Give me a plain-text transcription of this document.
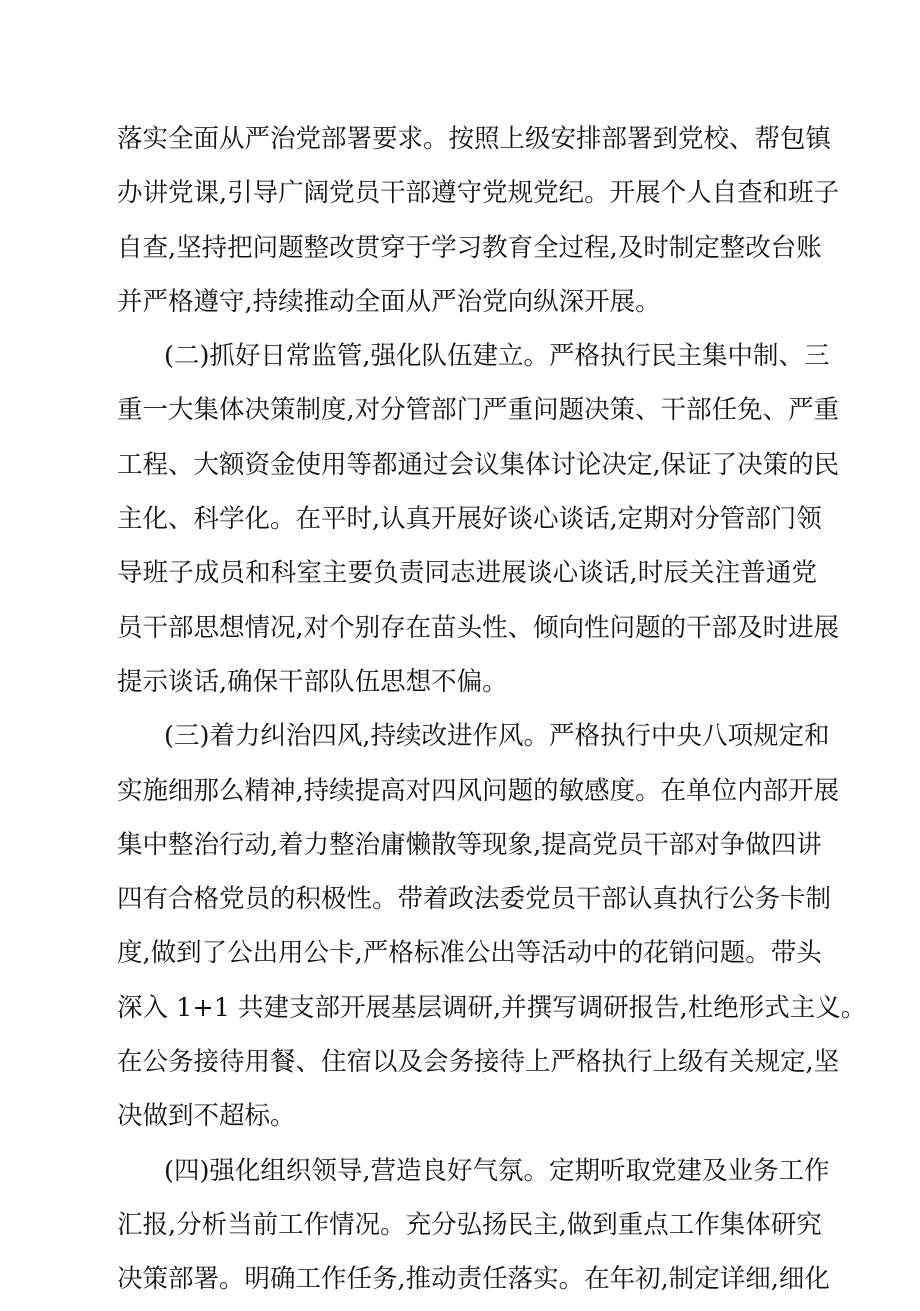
落实全面从严治党部署要求。按照上级安排部署到党校、帮包镇
办讲党课,引导广阔党员干部遵守党规党纪。开展个人自查和班子
自查,坚持把问题整改贯穿于学习教育全过程,及时制定整改台账
并严格遵守,持续推动全面从严治党向纵深开展。
(二)抓好日常监管,强化队伍建立。严格执行民主集中制、三
重一大集体决策制度,对分管部门严重问题决策、干部任免、严重
工程、大额资金使用等都通过会议集体讨论决定,保证了决策的民
主化、科学化。在平时,认真开展好谈心谈话,定期对分管部门领
导班子成员和科室主要负责同志进展谈心谈话,时辰关注普通党
员干部思想情况,对个别存在苗头性、倾向性问题的干部及时进展
提示谈话,确保干部队伍思想不偏。
(三)着力纠治四风,持续改进作风。严格执行中央八项规定和
实施细那么精神,持续提高对四风问题的敏感度。在单位内部开展
集中整治行动,着力整治庸懒散等现象,提高党员干部对争做四讲
四有合格党员的积极性。带着政法委党员干部认真执行公务卡制
度,做到了公出用公卡,严格标准公出等活动中的花销问题。带头
深入 1+1 共建支部开展基层调研,并撰写调研报告,杜绝形式主义。
在公务接待用餐、住宿以及会务接待上严格执行上级有关规定,坚
决做到不超标。
(四)强化组织领导,营造良好气氛。定期听取党建及业务工作
汇报,分析当前工作情况。充分弘扬民主,做到重点工作集体研究
决策部署。明确工作任务,推动责任落实。在年初,制定详细,细化
